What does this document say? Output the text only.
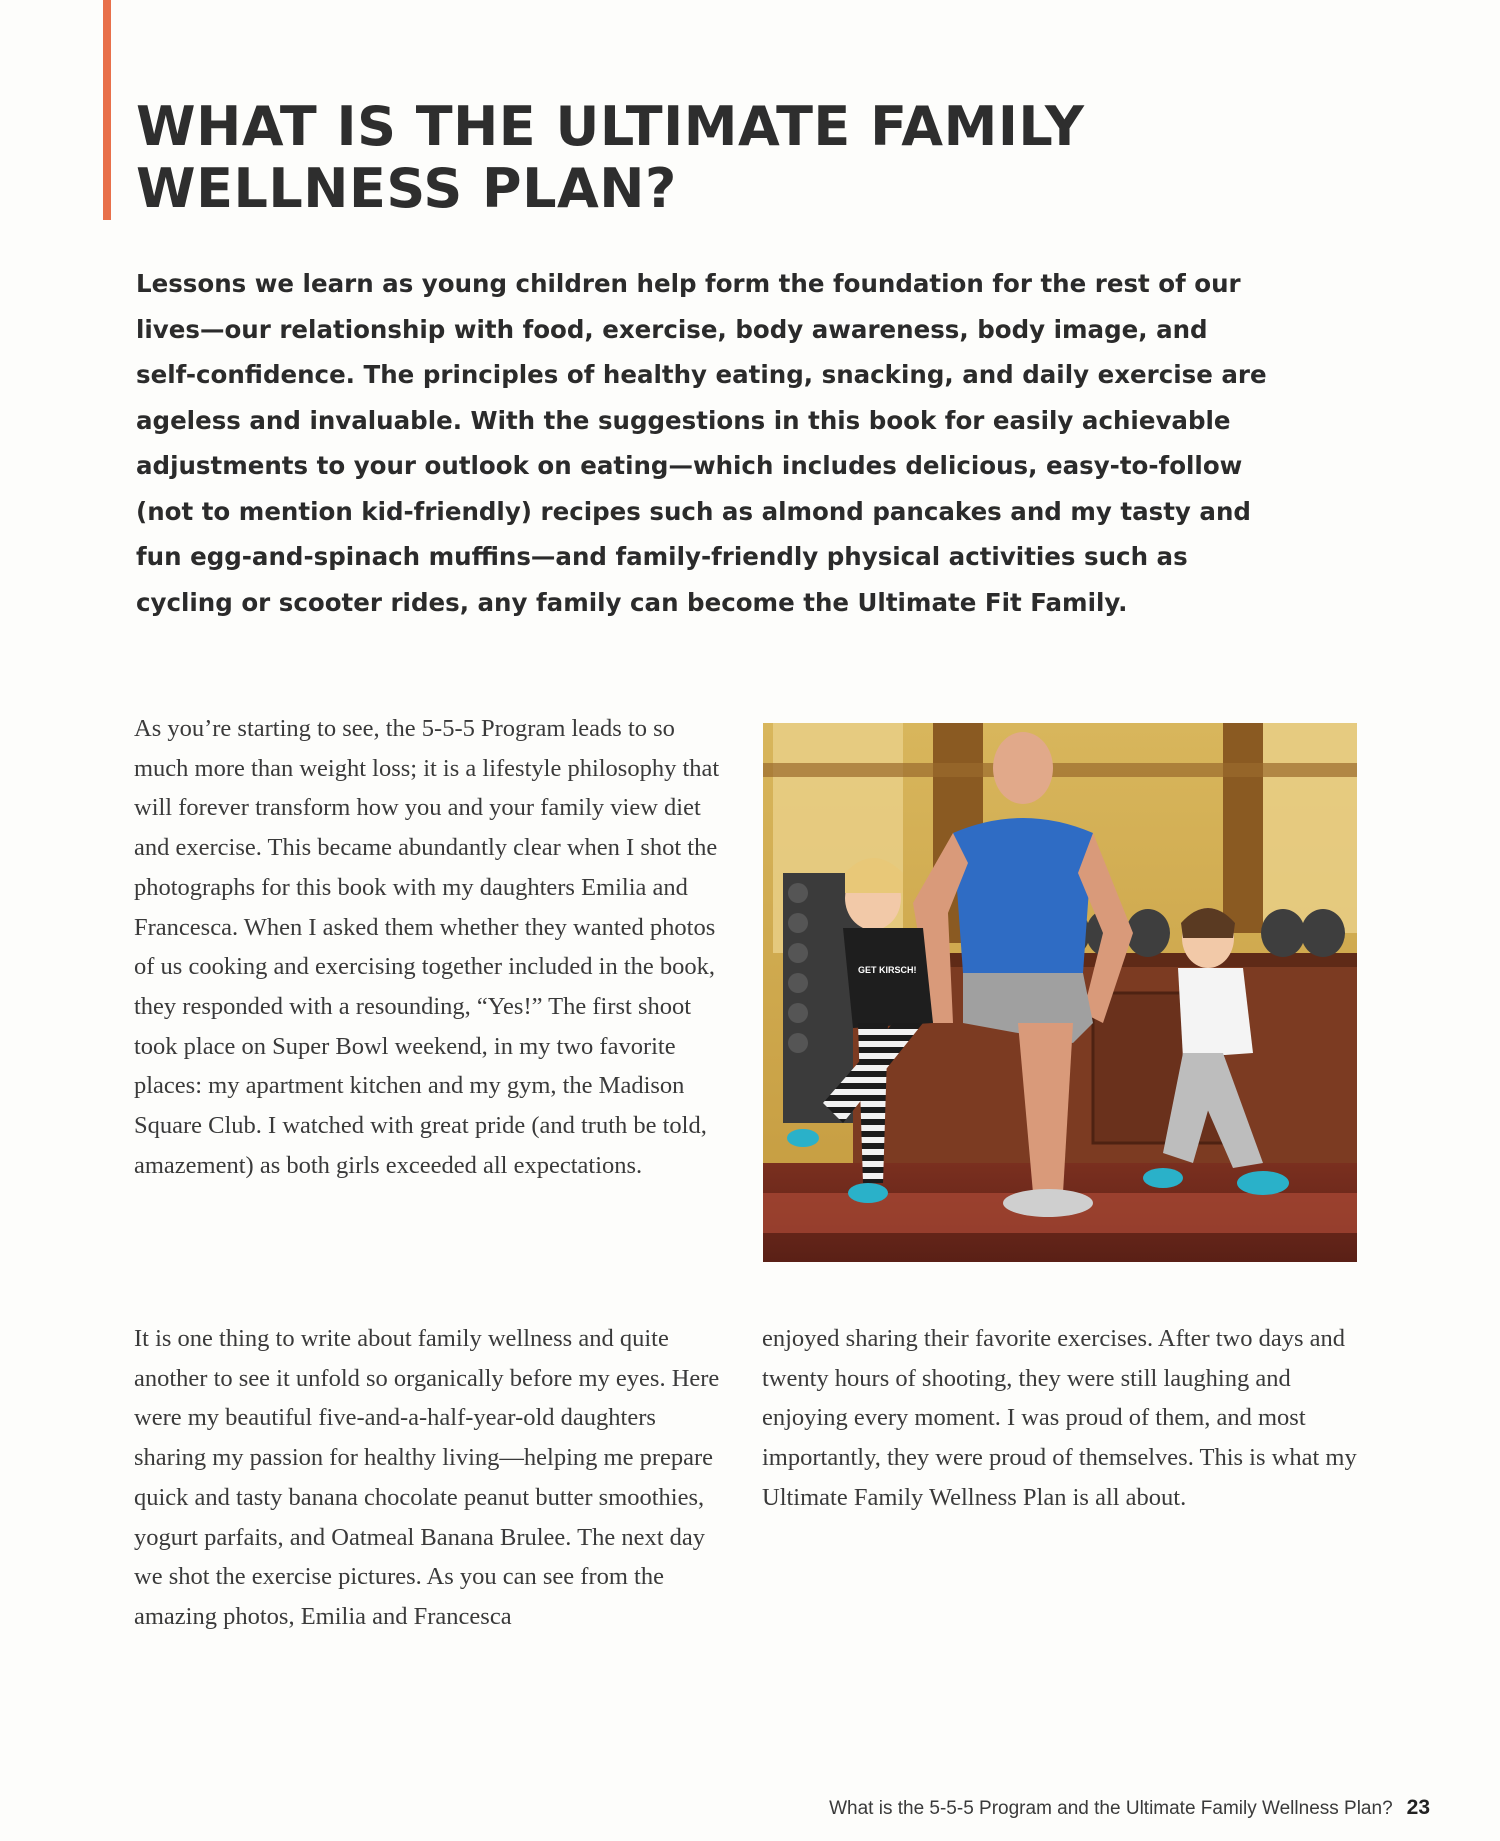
WHAT IS THE ULTIMATE FAMILY
WELLNESS PLAN?

Lessons we learn as young children help form the foundation for the rest of our lives—our relationship with food, exercise, body awareness, body image, and self-confidence. The principles of healthy eating, snacking, and daily exercise are ageless and invaluable. With the suggestions in this book for easily achievable adjustments to your outlook on eating—which includes delicious, easy-to-follow (not to mention kid-friendly) recipes such as almond pancakes and my tasty and fun egg-and-spinach muffins—and family-friendly physical activities such as cycling or scooter rides, any family can become the Ultimate Fit Family.

As you’re starting to see, the 5-5-5 Program leads to so much more than weight loss; it is a lifestyle philosophy that will forever transform how you and your family view diet and exercise. This became abundantly clear when I shot the photographs for this book with my daughters Emilia and Francesca. When I asked them whether they wanted photos of us cooking and exercising together included in the book, they responded with a resounding, “Yes!” The first shoot took place on Super Bowl weekend, in my two favorite places: my apartment kitchen and my gym, the Madison Square Club. I watched with great pride (and truth be told, amazement) as both girls exceeded all expectations.

GET KIRSCH!

It is one thing to write about family wellness and quite another to see it unfold so organically before my eyes. Here were my beautiful five-and-a-half-year-old daughters sharing my passion for healthy living—helping me prepare quick and tasty banana chocolate peanut butter smoothies, yogurt parfaits, and Oatmeal Banana Brulee. The next day we shot the exercise pictures. As you can see from the amazing photos, Emilia and Francesca

enjoyed sharing their favorite exercises. After two days and twenty hours of shooting, they were still laughing and enjoying every moment. I was proud of them, and most importantly, they were proud of themselves. This is what my Ultimate Family Wellness Plan is all about.

What is the 5-5-5 Program and the Ultimate Family Wellness Plan? 23
